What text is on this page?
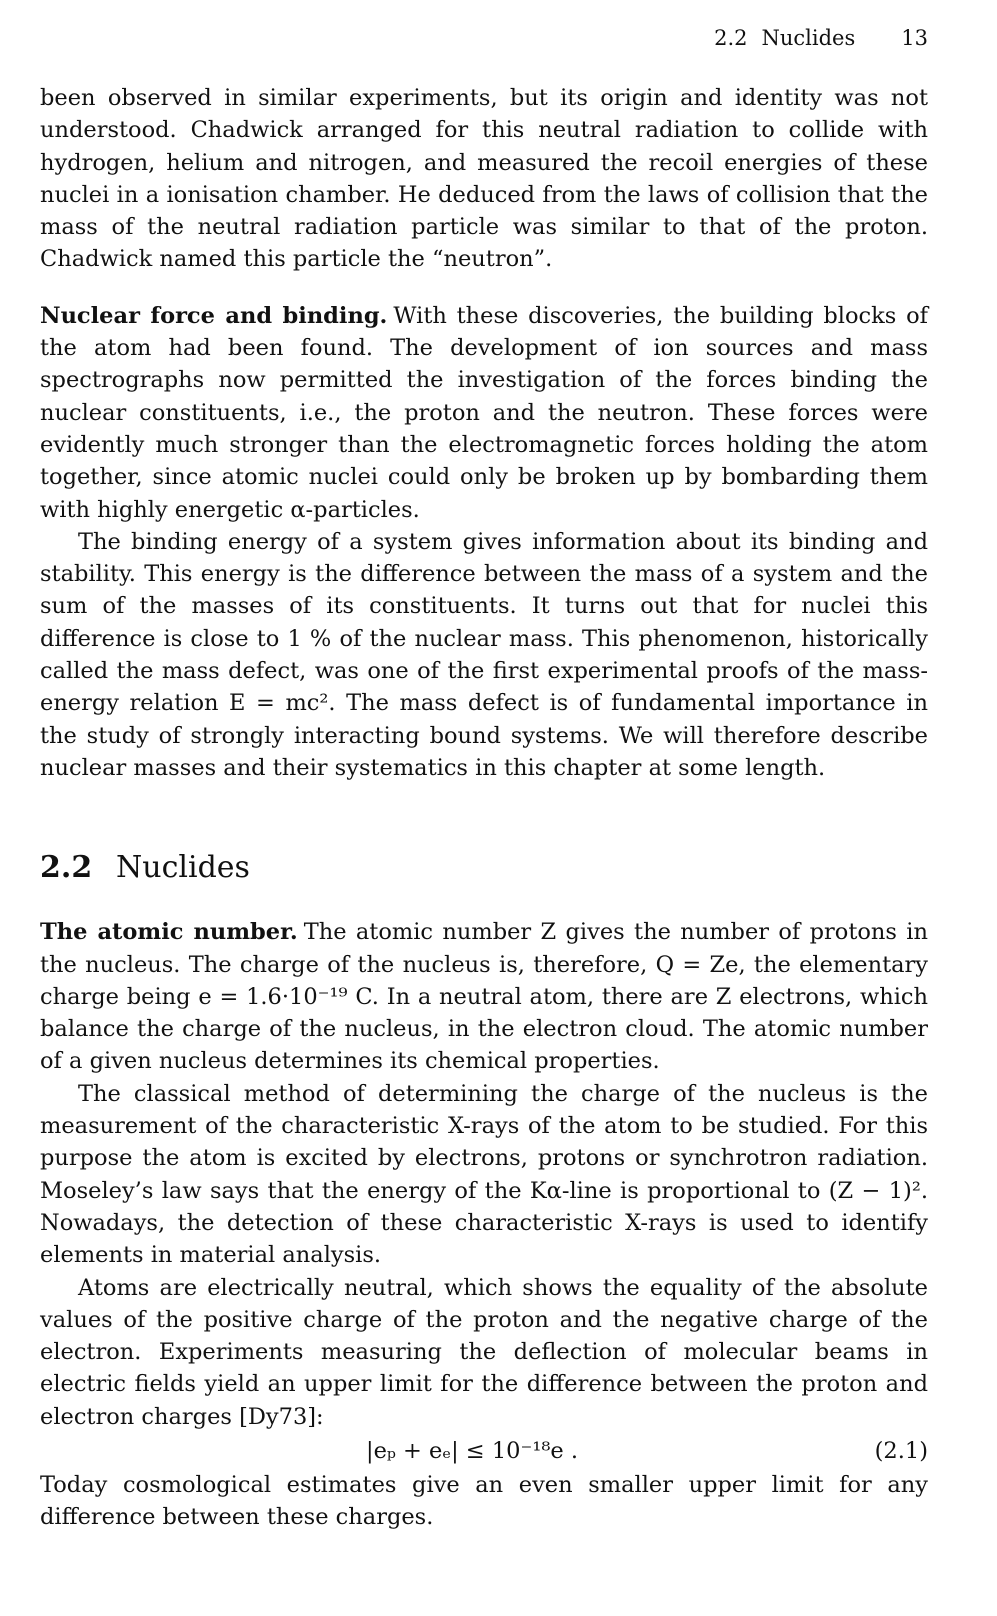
2.2 Nuclides 13

been observed in similar experiments, but its origin and identity was not understood. Chadwick arranged for this neutral radiation to collide with hydrogen, helium and nitrogen, and measured the recoil energies of these nuclei in a ionisation chamber. He deduced from the laws of collision that the mass of the neutral radiation particle was similar to that of the proton. Chadwick named this particle the “neutron”.

Nuclear force and binding. With these discoveries, the building blocks of the atom had been found. The development of ion sources and mass spectrographs now permitted the investigation of the forces binding the nuclear constituents, i.e., the proton and the neutron. These forces were evidently much stronger than the electromagnetic forces holding the atom together, since atomic nuclei could only be broken up by bombarding them with highly energetic α-particles.

The binding energy of a system gives information about its binding and stability. This energy is the difference between the mass of a system and the sum of the masses of its constituents. It turns out that for nuclei this difference is close to 1 % of the nuclear mass. This phenomenon, historically called the mass defect, was one of the first experimental proofs of the mass-energy relation E = mc². The mass defect is of fundamental importance in the study of strongly interacting bound systems. We will therefore describe nuclear masses and their systematics in this chapter at some length.

2.2 Nuclides

The atomic number. The atomic number Z gives the number of protons in the nucleus. The charge of the nucleus is, therefore, Q = Ze, the elementary charge being e = 1.6·10⁻¹⁹ C. In a neutral atom, there are Z electrons, which balance the charge of the nucleus, in the electron cloud. The atomic number of a given nucleus determines its chemical properties.

The classical method of determining the charge of the nucleus is the measurement of the characteristic X-rays of the atom to be studied. For this purpose the atom is excited by electrons, protons or synchrotron radiation. Moseley’s law says that the energy of the Kα-line is proportional to (Z − 1)². Nowadays, the detection of these characteristic X-rays is used to identify elements in material analysis.

Atoms are electrically neutral, which shows the equality of the absolute values of the positive charge of the proton and the negative charge of the electron. Experiments measuring the deflection of molecular beams in electric fields yield an upper limit for the difference between the proton and electron charges [Dy73]:

|eₚ + eₑ| ≤ 10⁻¹⁸e .	(2.1)

Today cosmological estimates give an even smaller upper limit for any difference between these charges.
